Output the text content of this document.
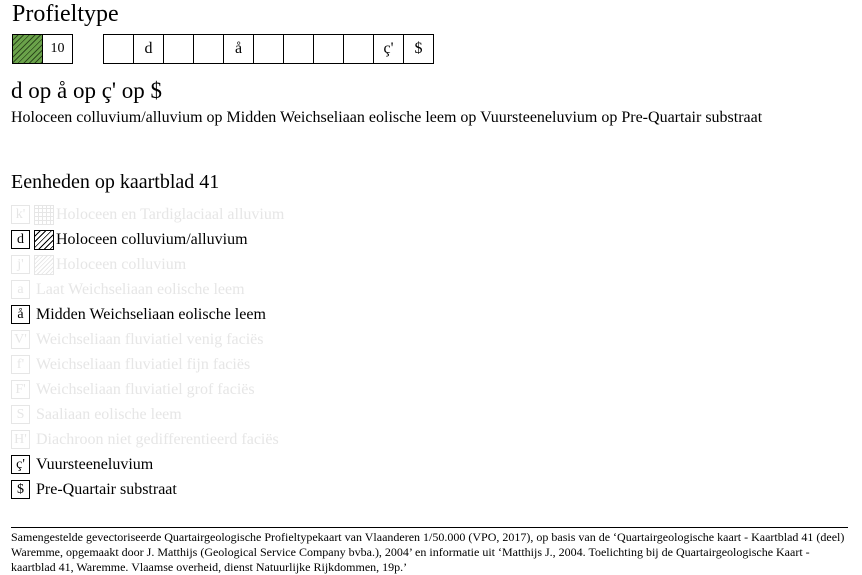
Profieltype
10	d	å	ç'	$
d op å op ç' op $
Holoceen colluvium/alluvium op Midden Weichseliaan eolische leem op Vuursteeneluvium op Pre-Quartair substraat
Eenheden op kaartblad 41
k' Holoceen en Tardiglaciaal alluvium
d	Holoceen colluvium/alluvium
j'	Holoceen colluvium
a Laat Weichseliaan eolische leem
å Midden Weichseliaan eolische leem
V' Weichseliaan fluviatiel venig faciës
f' Weichseliaan fluviatiel fijn faciës
F' Weichseliaan fluviatiel grof faciës
S Saaliaan eolische leem
H' Diachroon niet gedifferentieerd faciës
ç' Vuursteeneluvium
$ Pre-Quartair substraat
Samengestelde gevectoriseerde Quartairgeologische Profieltypekaart van Vlaanderen 1/50.000 (VPO, 2017), op basis van de ‘Quartairgeologische kaart - Kaartblad 41 (deel) Waremme, opgemaakt door J. Matthijs (Geological Service Company bvba.), 2004’ en informatie uit ‘Matthijs J., 2004. Toelichting bij de Quartairgeologische Kaart - kaartblad 41, Waremme. Vlaamse overheid, dienst Natuurlijke Rijkdommen, 19p.’
